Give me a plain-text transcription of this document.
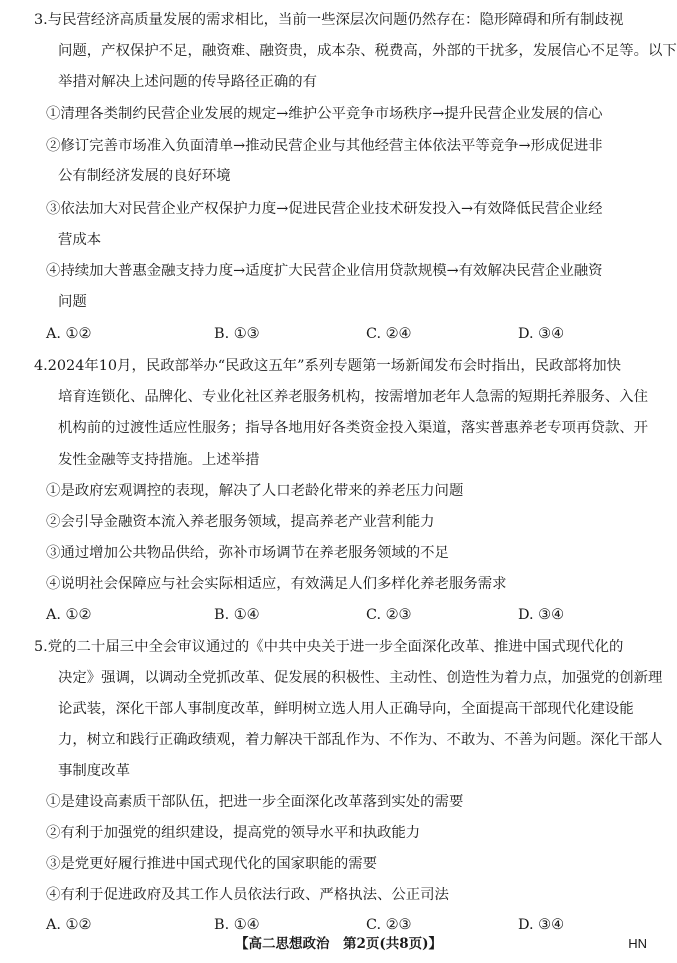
3.与民营经济高质量发展的需求相比，当前一些深层次问题仍然存在：隐形障碍和所有制歧视
问题，产权保护不足，融资难、融资贵，成本杂、税费高，外部的干扰多，发展信心不足等。以下
举措对解决上述问题的传导路径正确的有
①清理各类制约民营企业发展的规定→维护公平竞争市场秩序→提升民营企业发展的信心
②修订完善市场准入负面清单→推动民营企业与其他经营主体依法平等竞争→形成促进非
公有制经济发展的良好环境
③依法加大对民营企业产权保护力度→促进民营企业技术研发投入→有效降低民营企业经
营成本
④持续加大普惠金融支持力度→适度扩大民营企业信用贷款规模→有效解决民营企业融资
问题
A. ①②	B. ①③	C. ②④	D. ③④
4.2024年10月，民政部举办“民政这五年”系列专题第一场新闻发布会时指出，民政部将加快
培育连锁化、品牌化、专业化社区养老服务机构，按需增加老年人急需的短期托养服务、入住
机构前的过渡性适应性服务；指导各地用好各类资金投入渠道，落实普惠养老专项再贷款、开
发性金融等支持措施。上述举措
①是政府宏观调控的表现，解决了人口老龄化带来的养老压力问题
②会引导金融资本流入养老服务领域，提高养老产业营利能力
③通过增加公共物品供给，弥补市场调节在养老服务领域的不足
④说明社会保障应与社会实际相适应，有效满足人们多样化养老服务需求
A. ①②	B. ①④	C. ②③	D. ③④
5.党的二十届三中全会审议通过的《中共中央关于进一步全面深化改革、推进中国式现代化的
决定》强调，以调动全党抓改革、促发展的积极性、主动性、创造性为着力点，加强党的创新理
论武装，深化干部人事制度改革，鲜明树立选人用人正确导向，全面提高干部现代化建设能
力，树立和践行正确政绩观，着力解决干部乱作为、不作为、不敢为、不善为问题。深化干部人
事制度改革
①是建设高素质干部队伍，把进一步全面深化改革落到实处的需要
②有利于加强党的组织建设，提高党的领导水平和执政能力
③是党更好履行推进中国式现代化的国家职能的需要
④有利于促进政府及其工作人员依法行政、严格执法、公正司法
A. ①②	B. ①④	C. ②③	D. ③④
【高二思想政治　第2页(共8页)】	HN
